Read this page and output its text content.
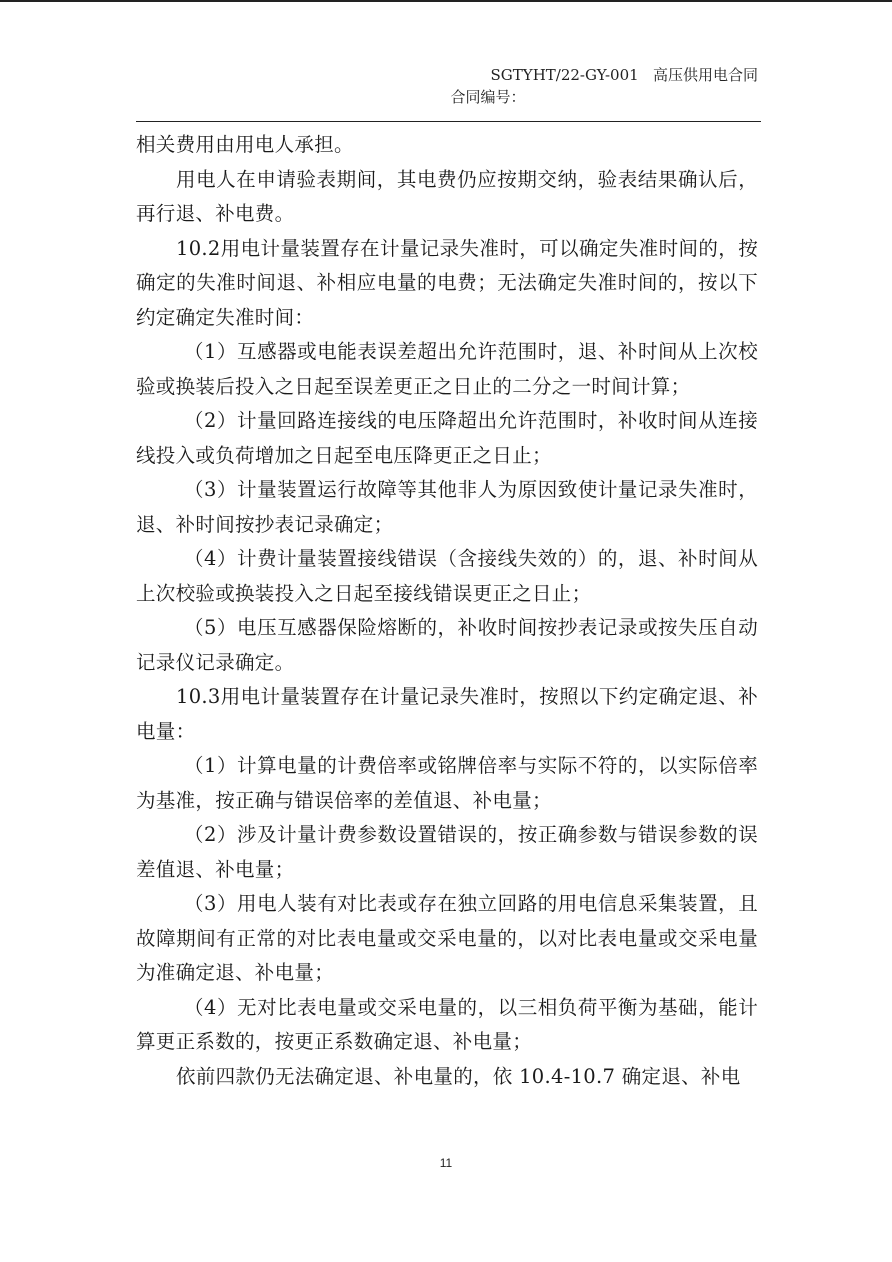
SGTYHT/22-GY-001 高压供用电合同
合同编号：

相关费用由用电人承担。

用电人在申请验表期间，其电费仍应按期交纳，验表结果确认后，再行退、补电费。

10.2用电计量装置存在计量记录失准时，可以确定失准时间的，按确定的失准时间退、补相应电量的电费；无法确定失准时间的，按以下约定确定失准时间：

（1）互感器或电能表误差超出允许范围时，退、补时间从上次校验或换装后投入之日起至误差更正之日止的二分之一时间计算；

（2）计量回路连接线的电压降超出允许范围时，补收时间从连接线投入或负荷增加之日起至电压降更正之日止；

（3）计量装置运行故障等其他非人为原因致使计量记录失准时，退、补时间按抄表记录确定；

（4）计费计量装置接线错误（含接线失效的）的，退、补时间从上次校验或换装投入之日起至接线错误更正之日止；

（5）电压互感器保险熔断的，补收时间按抄表记录或按失压自动记录仪记录确定。

10.3用电计量装置存在计量记录失准时，按照以下约定确定退、补电量：

（1）计算电量的计费倍率或铭牌倍率与实际不符的，以实际倍率为基准，按正确与错误倍率的差值退、补电量；

（2）涉及计量计费参数设置错误的，按正确参数与错误参数的误差值退、补电量；

（3）用电人装有对比表或存在独立回路的用电信息采集装置，且故障期间有正常的对比表电量或交采电量的，以对比表电量或交采电量为准确定退、补电量；

（4）无对比表电量或交采电量的，以三相负荷平衡为基础，能计算更正系数的，按更正系数确定退、补电量；

依前四款仍无法确定退、补电量的，依 10.4-10.7 确定退、补电

11
